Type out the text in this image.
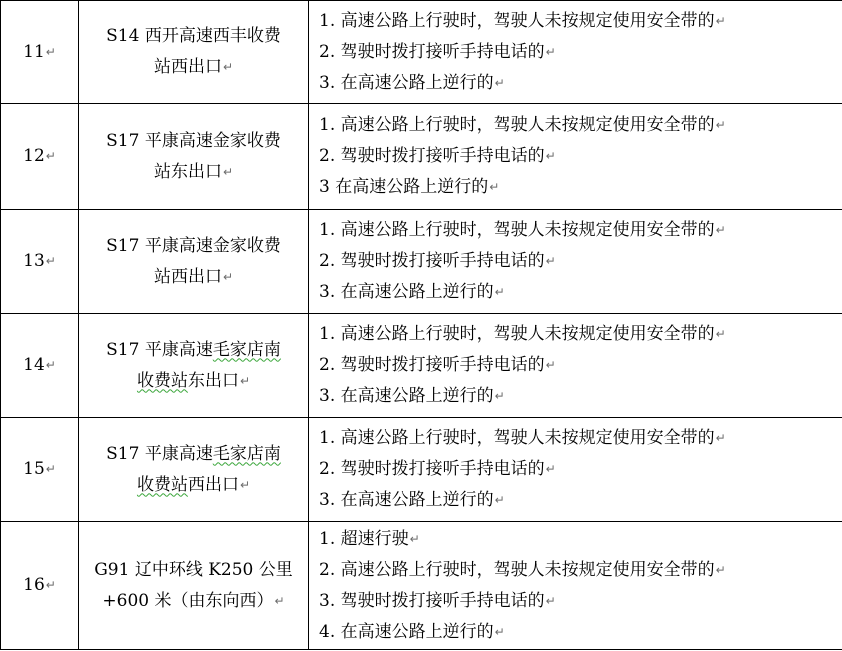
11↵	S14 西开高速西丰收费
站西出口↵	1. 高速公路上行驶时，驾驶人未按规定使用安全带的↵
2. 驾驶时拨打接听手持电话的↵
3. 在高速公路上逆行的↵

12↵	S17 平康高速金家收费
站东出口↵	1. 高速公路上行驶时，驾驶人未按规定使用安全带的↵
2. 驾驶时拨打接听手持电话的↵
3 在高速公路上逆行的↵

13↵	S17 平康高速金家收费
站西出口↵	1. 高速公路上行驶时，驾驶人未按规定使用安全带的↵
2. 驾驶时拨打接听手持电话的↵
3. 在高速公路上逆行的↵

14↵	S17 平康高速毛家店南
收费站东出口↵	1. 高速公路上行驶时，驾驶人未按规定使用安全带的↵
2. 驾驶时拨打接听手持电话的↵
3. 在高速公路上逆行的↵

15↵	S17 平康高速毛家店南
收费站西出口↵	1. 高速公路上行驶时，驾驶人未按规定使用安全带的↵
2. 驾驶时拨打接听手持电话的↵
3. 在高速公路上逆行的↵

16↵	G91 辽中环线 K250 公里
+600 米（由东向西）↵	1. 超速行驶↵
2. 高速公路上行驶时，驾驶人未按规定使用安全带的↵
3. 驾驶时拨打接听手持电话的↵
4. 在高速公路上逆行的↵
